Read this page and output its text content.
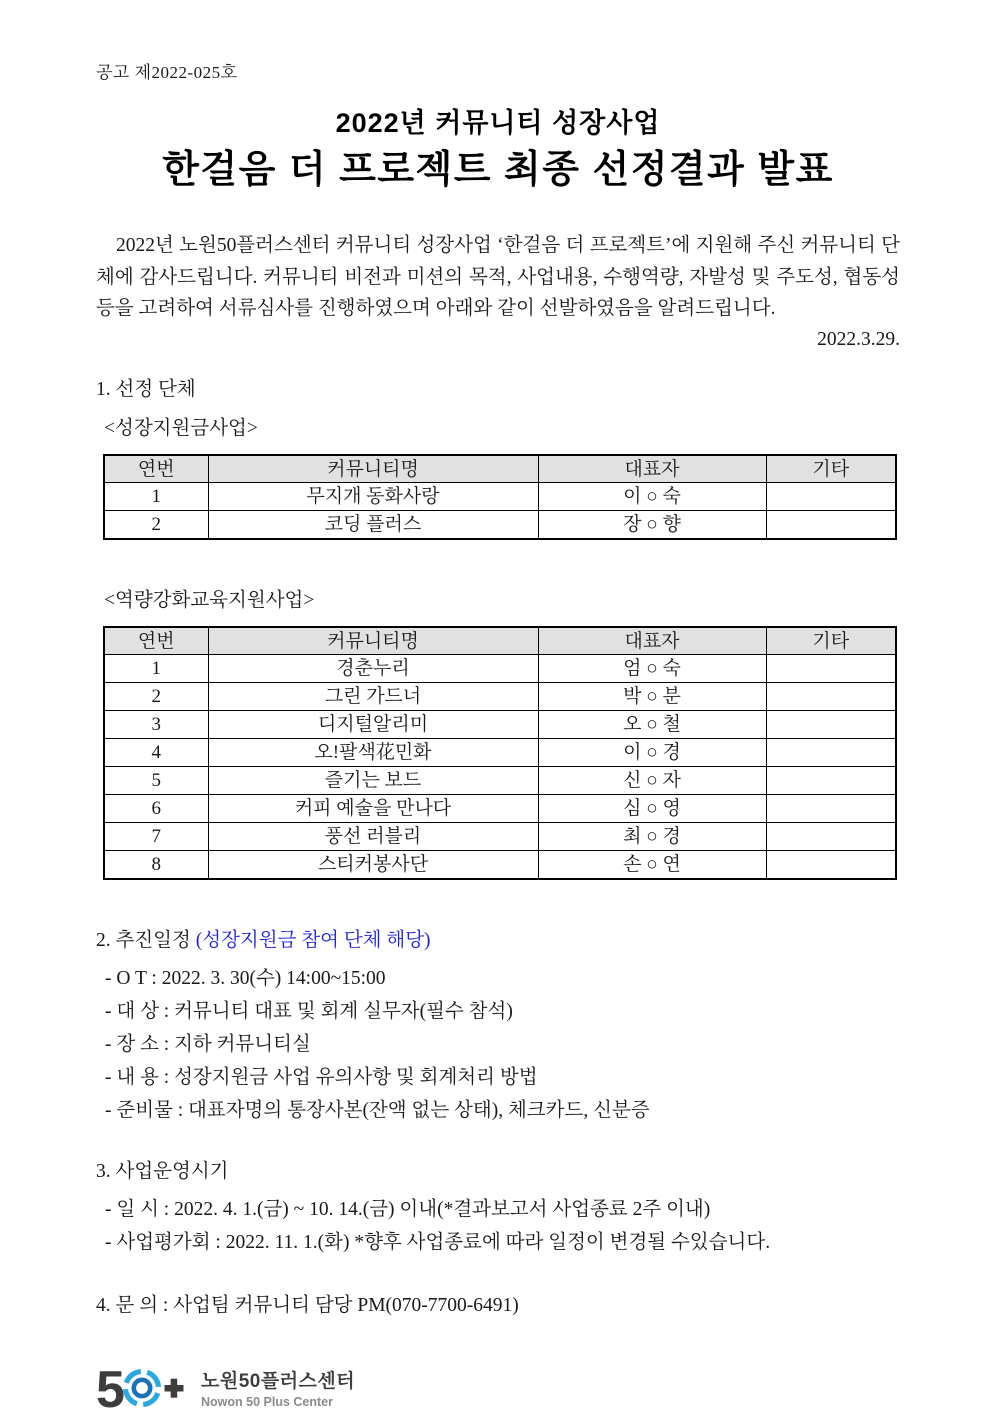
공고 제2022-025호
2022년 커뮤니티 성장사업
한걸음 더 프로젝트 최종 선정결과 발표
2022년 노원50플러스센터 커뮤니티 성장사업 ‘한걸음 더 프로젝트’에 지원해 주신 커뮤니티 단체에 감사드립니다. 커뮤니티 비전과 미션의 목적, 사업내용, 수행역량, 자발성 및 주도성, 협동성 등을 고려하여 서류심사를 진행하였으며 아래와 같이 선발하였음을 알려드립니다.
2022.3.29.
1. 선정 단체
<성장지원금사업>
연번	커뮤니티명	대표자	기타
1	무지개 동화사랑	이 ○ 숙	
2	코딩 플러스	장 ○ 향	
<역량강화교육지원사업>
연번	커뮤니티명	대표자	기타
1	경춘누리	엄 ○ 숙	
2	그린 가드너	박 ○ 분	
3	디지털알리미	오 ○ 철	
4	오!팔색花민화	이 ○ 경	
5	즐기는 보드	신 ○ 자	
6	커피 예술을 만나다	심 ○ 영	
7	풍선 러블리	최 ○ 경	
8	스티커봉사단	손 ○ 연	
2. 추진일정 (성장지원금 참여 단체 해당)
- O T : 2022. 3. 30(수) 14:00~15:00
- 대 상 : 커뮤니티 대표 및 회계 실무자(필수 참석)
- 장 소 : 지하 커뮤니티실
- 내 용 : 성장지원금 사업 유의사항 및 회계처리 방법
- 준비물 : 대표자명의 통장사본(잔액 없는 상태), 체크카드, 신분증
3. 사업운영시기
- 일 시 : 2022. 4. 1.(금) ~ 10. 14.(금) 이내(*결과보고서 사업종료 2주 이내)
- 사업평가회 : 2022. 11. 1.(화) *향후 사업종료에 따라 일정이 변경될 수있습니다.
4. 문 의 : 사업팀 커뮤니티 담당 PM(070-7700-6491)
5	노원50플러스센터
Nowon 50 Plus Center
